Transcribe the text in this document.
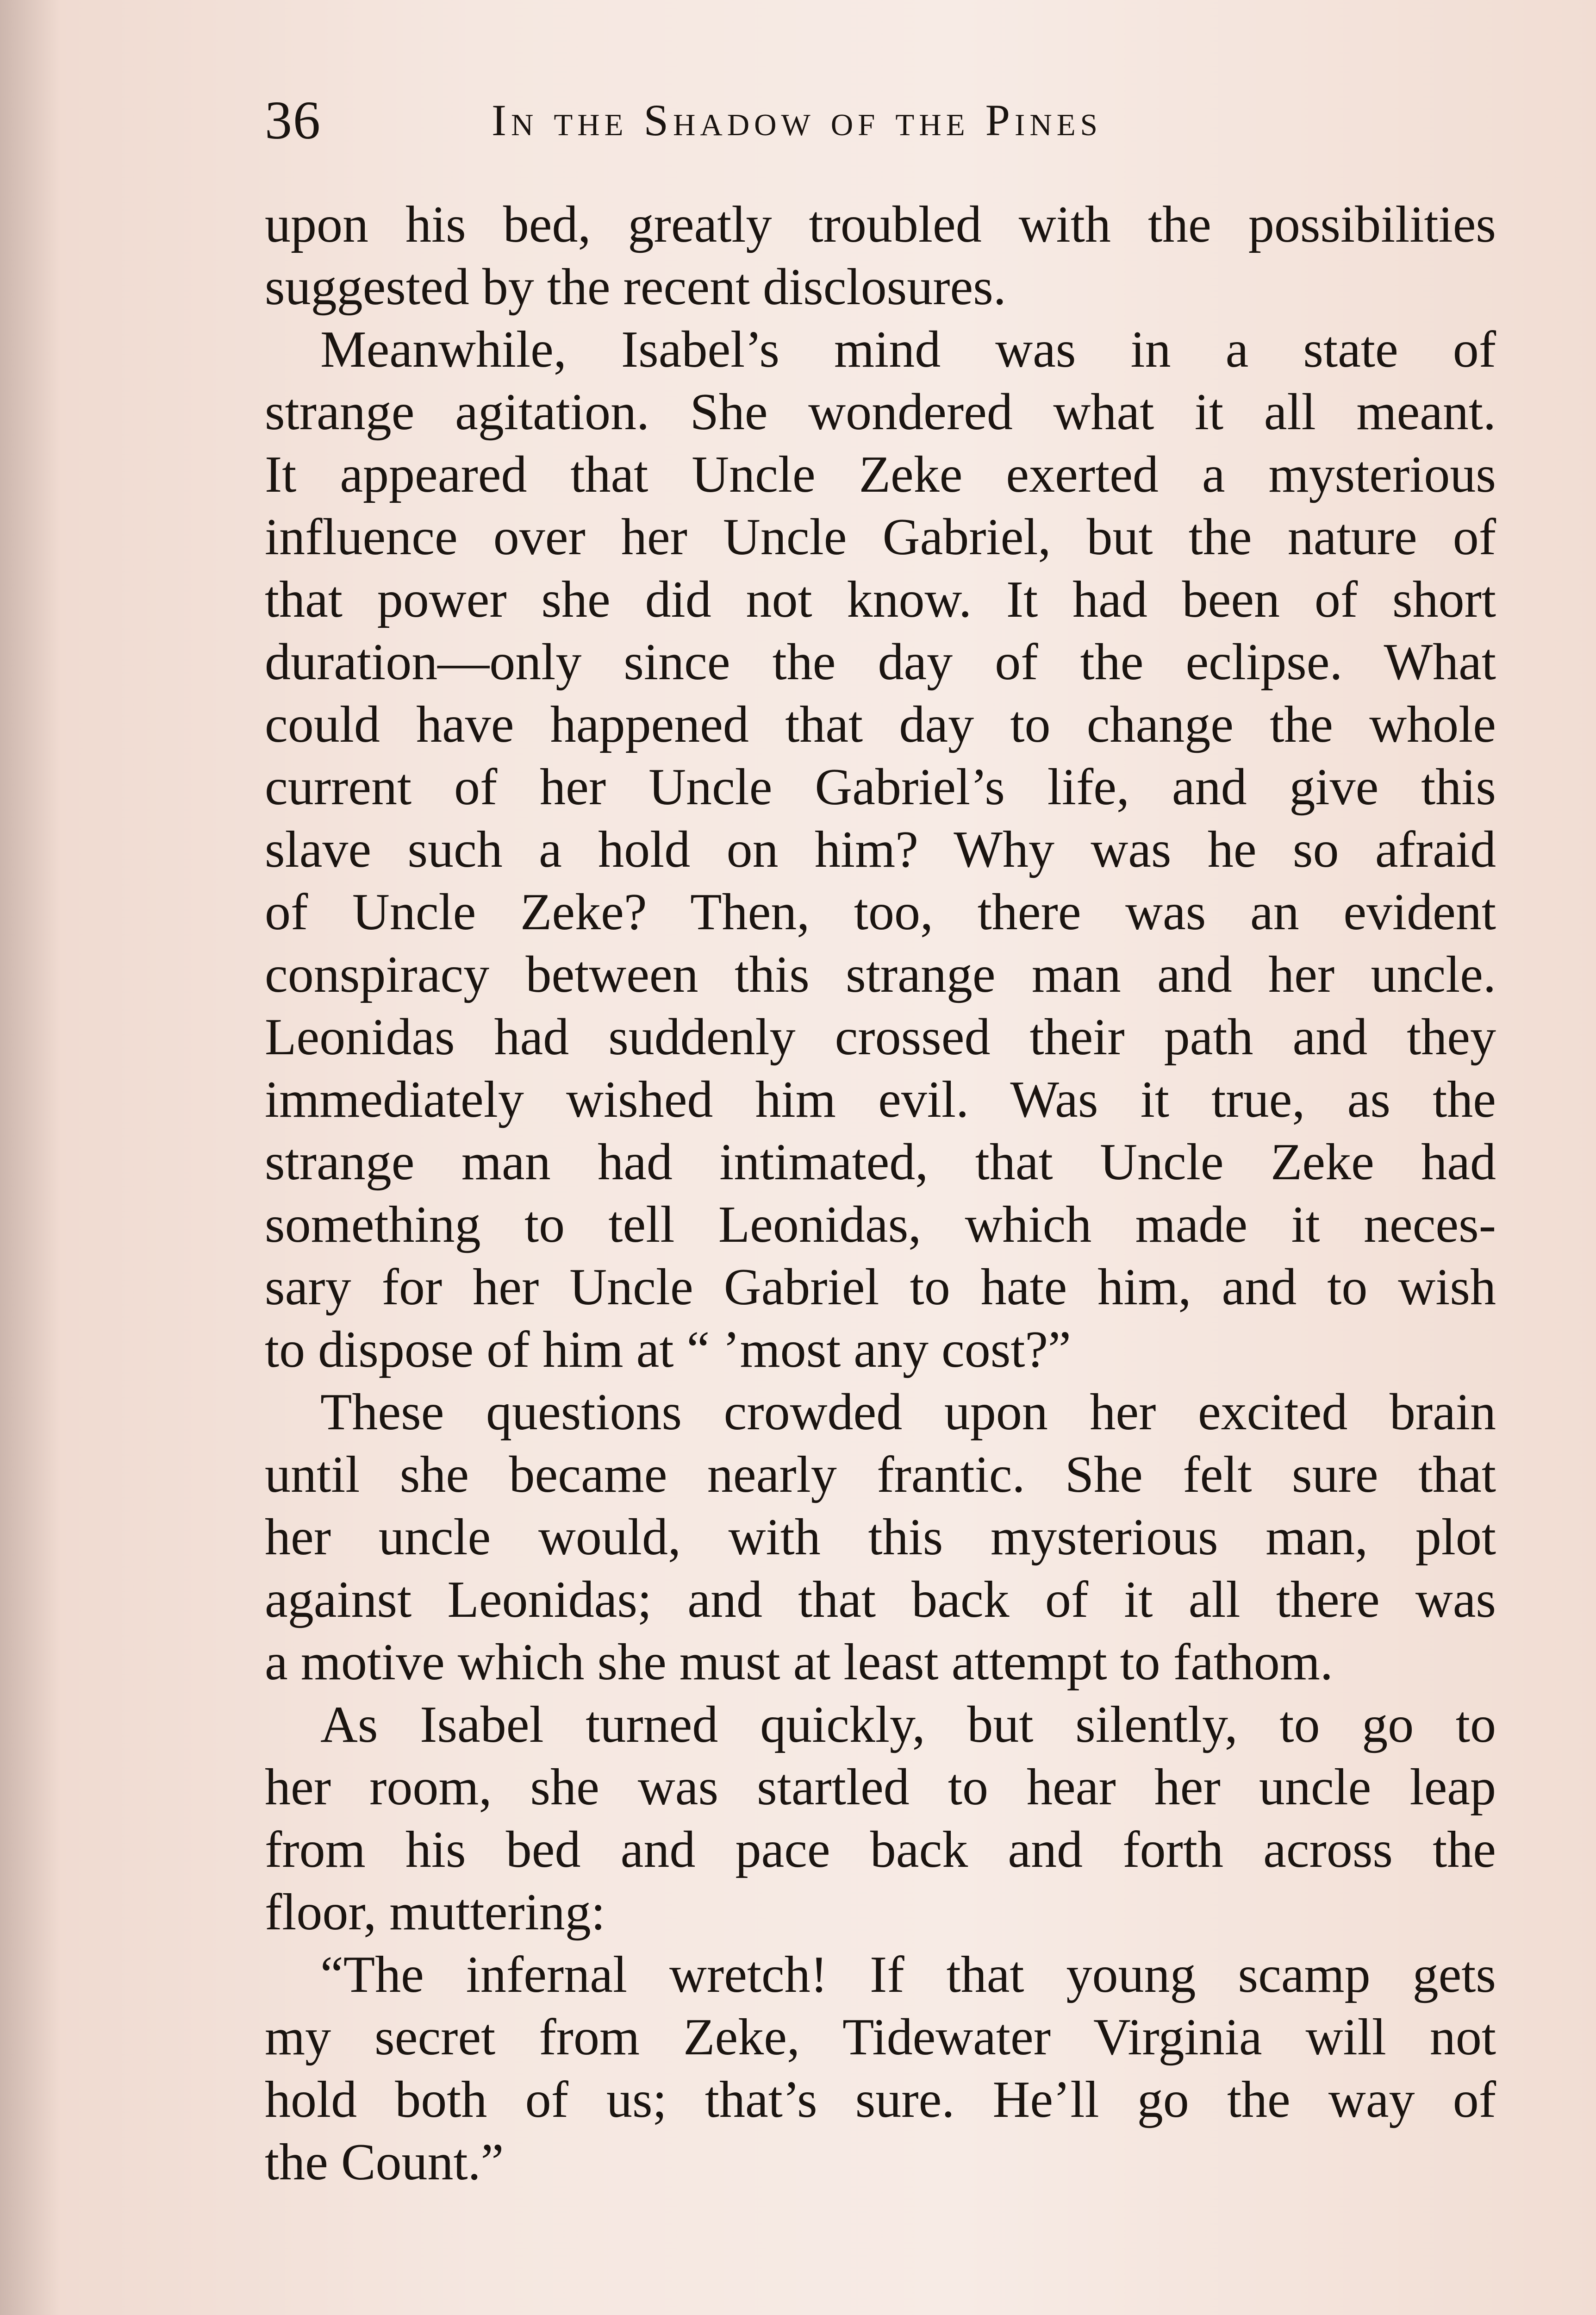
36	In the Shadow of the Pines
upon his bed, greatly troubled with the possibilities
suggested by the recent disclosures.
Meanwhile, Isabel’s mind was in a state of
strange agitation. She wondered what it all meant.
It appeared that Uncle Zeke exerted a mysterious
influence over her Uncle Gabriel, but the nature of
that power she did not know. It had been of short
duration—only since the day of the eclipse. What
could have happened that day to change the whole
current of her Uncle Gabriel’s life, and give this
slave such a hold on him? Why was he so afraid
of Uncle Zeke? Then, too, there was an evident
conspiracy between this strange man and her uncle.
Leonidas had suddenly crossed their path and they
immediately wished him evil. Was it true, as the
strange man had intimated, that Uncle Zeke had
something to tell Leonidas, which made it neces-
sary for her Uncle Gabriel to hate him, and to wish
to dispose of him at “ ’most any cost?”
These questions crowded upon her excited brain
until she became nearly frantic. She felt sure that
her uncle would, with this mysterious man, plot
against Leonidas; and that back of it all there was
a motive which she must at least attempt to fathom.
As Isabel turned quickly, but silently, to go to
her room, she was startled to hear her uncle leap
from his bed and pace back and forth across the
floor, muttering:
“The infernal wretch! If that young scamp gets
my secret from Zeke, Tidewater Virginia will not
hold both of us; that’s sure. He’ll go the way of
the Count.”
